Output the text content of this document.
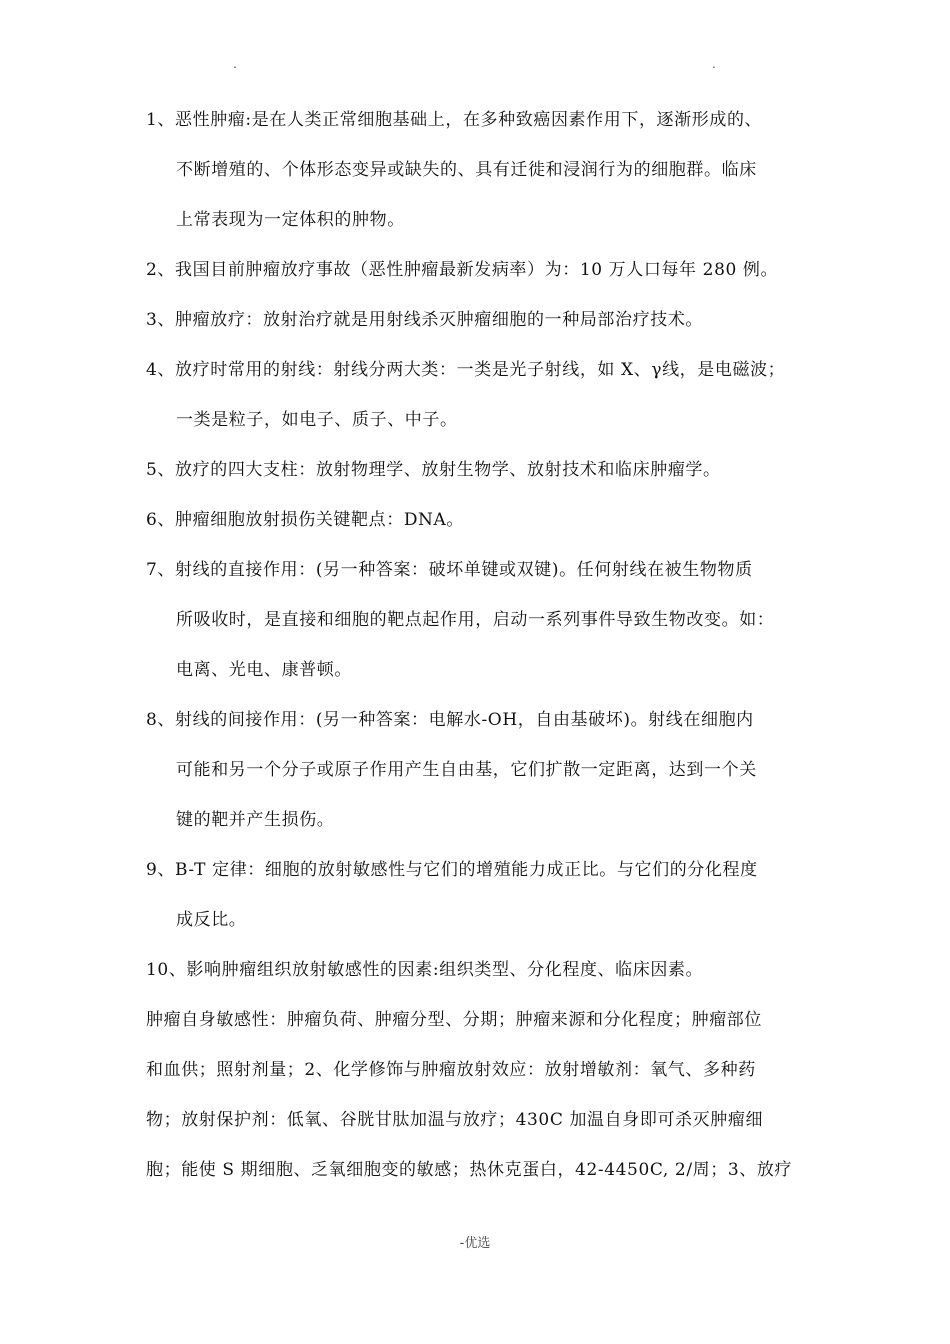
.	.
1、恶性肿瘤:是在人类正常细胞基础上，在多种致癌因素作用下，逐渐形成的、
不断增殖的、个体形态变异或缺失的、具有迁徙和浸润行为的细胞群。临床
上常表现为一定体积的肿物。
2、我国目前肿瘤放疗事故（恶性肿瘤最新发病率）为：10 万人口每年 280 例。
3、肿瘤放疗：放射治疗就是用射线杀灭肿瘤细胞的一种局部治疗技术。
4、放疗时常用的射线：射线分两大类：一类是光子射线，如 X、γ线，是电磁波；
一类是粒子，如电子、质子、中子。
5、放疗的四大支柱：放射物理学、放射生物学、放射技术和临床肿瘤学。
6、肿瘤细胞放射损伤关键靶点：DNA。
7、射线的直接作用：(另一种答案：破坏单键或双键)。任何射线在被生物物质
所吸收时，是直接和细胞的靶点起作用，启动一系列事件导致生物改变。如：
电离、光电、康普顿。
8、射线的间接作用：(另一种答案：电解水-OH，自由基破坏)。射线在细胞内
可能和另一个分子或原子作用产生自由基，它们扩散一定距离，达到一个关
键的靶并产生损伤。
9、B-T 定律：细胞的放射敏感性与它们的增殖能力成正比。与它们的分化程度
成反比。
10、影响肿瘤组织放射敏感性的因素:组织类型、分化程度、临床因素。
肿瘤自身敏感性：肿瘤负荷、肿瘤分型、分期；肿瘤来源和分化程度；肿瘤部位
和血供；照射剂量；2、化学修饰与肿瘤放射效应：放射增敏剂：氧气、多种药
物；放射保护剂：低氧、谷胱甘肽加温与放疗；430C 加温自身即可杀灭肿瘤细
胞；能使 S 期细胞、乏氧细胞变的敏感；热休克蛋白，42-4450C, 2/周；3、放疗
-优选
